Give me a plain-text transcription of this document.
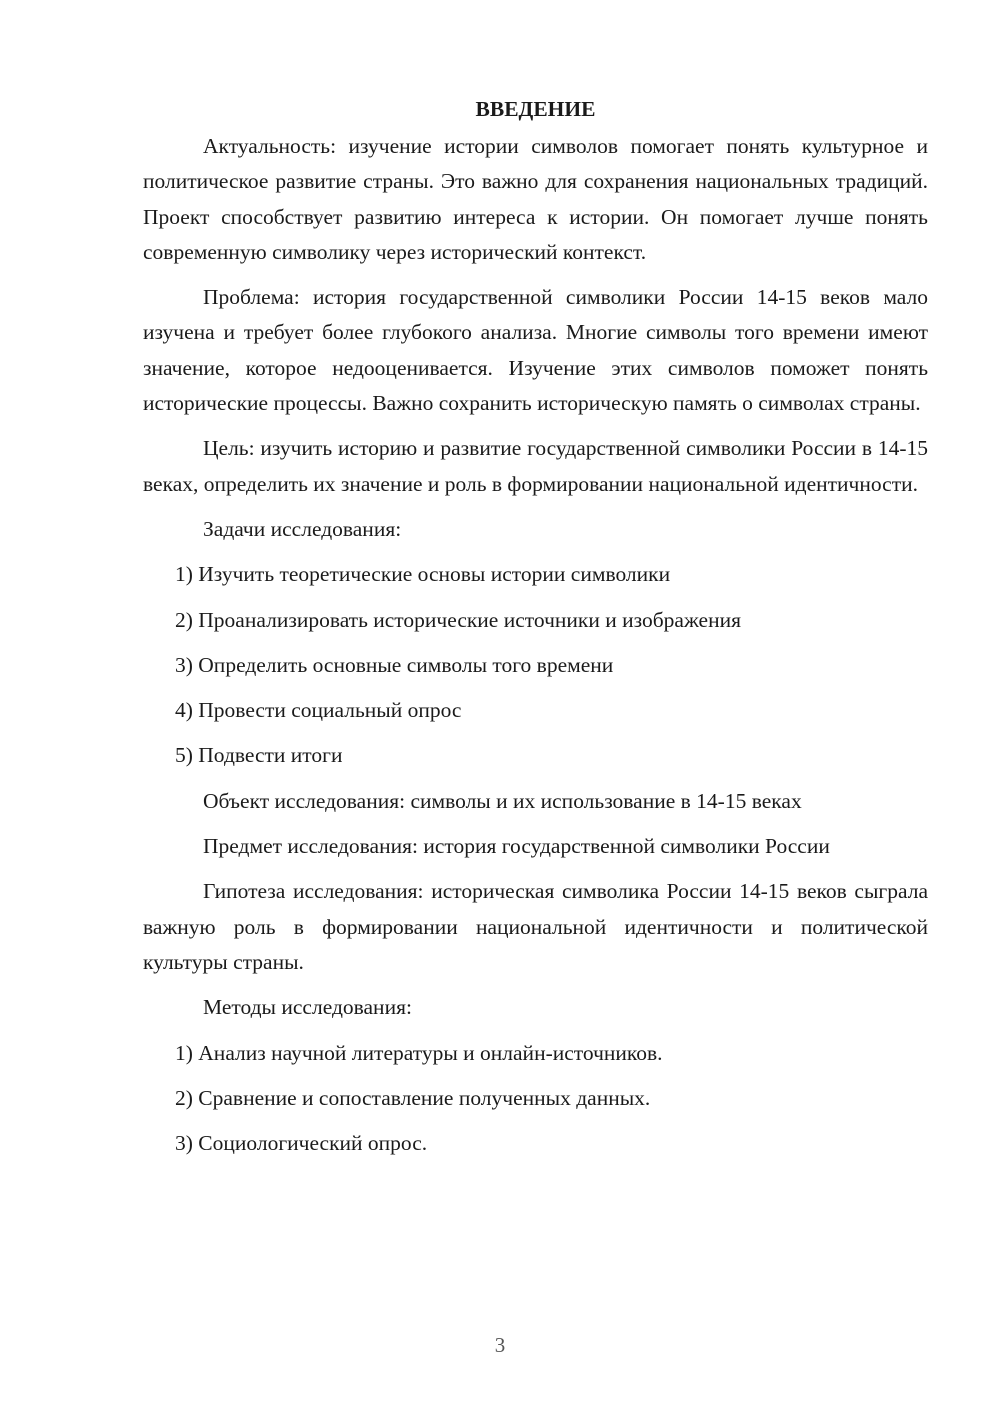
ВВЕДЕНИЕ

Актуальность: изучение истории символов помогает понять культурное и политическое развитие страны. Это важно для сохранения национальных традиций. Проект способствует развитию интереса к истории. Он помогает лучше понять современную символику через исторический контекст.

Проблема: история государственной символики России 14-15 веков мало изучена и требует более глубокого анализа. Многие символы того времени имеют значение, которое недооценивается. Изучение этих символов поможет понять исторические процессы. Важно сохранить историческую память о символах страны.

Цель: изучить историю и развитие государственной символики России в 14-15 веках, определить их значение и роль в формировании национальной идентичности.

Задачи исследования:
1) Изучить теоретические основы истории символики
2) Проанализировать исторические источники и изображения
3) Определить основные символы того времени
4) Провести социальный опрос
5) Подвести итоги
Объект исследования: символы и их использование в 14-15 веках
Предмет исследования: история государственной символики России

Гипотеза исследования: историческая символика России 14-15 веков сыграла важную роль в формировании национальной идентичности и политической культуры страны.

Методы исследования:
1) Анализ научной литературы и онлайн-источников.
2) Сравнение и сопоставление полученных данных.
3) Социологический опрос.
3
